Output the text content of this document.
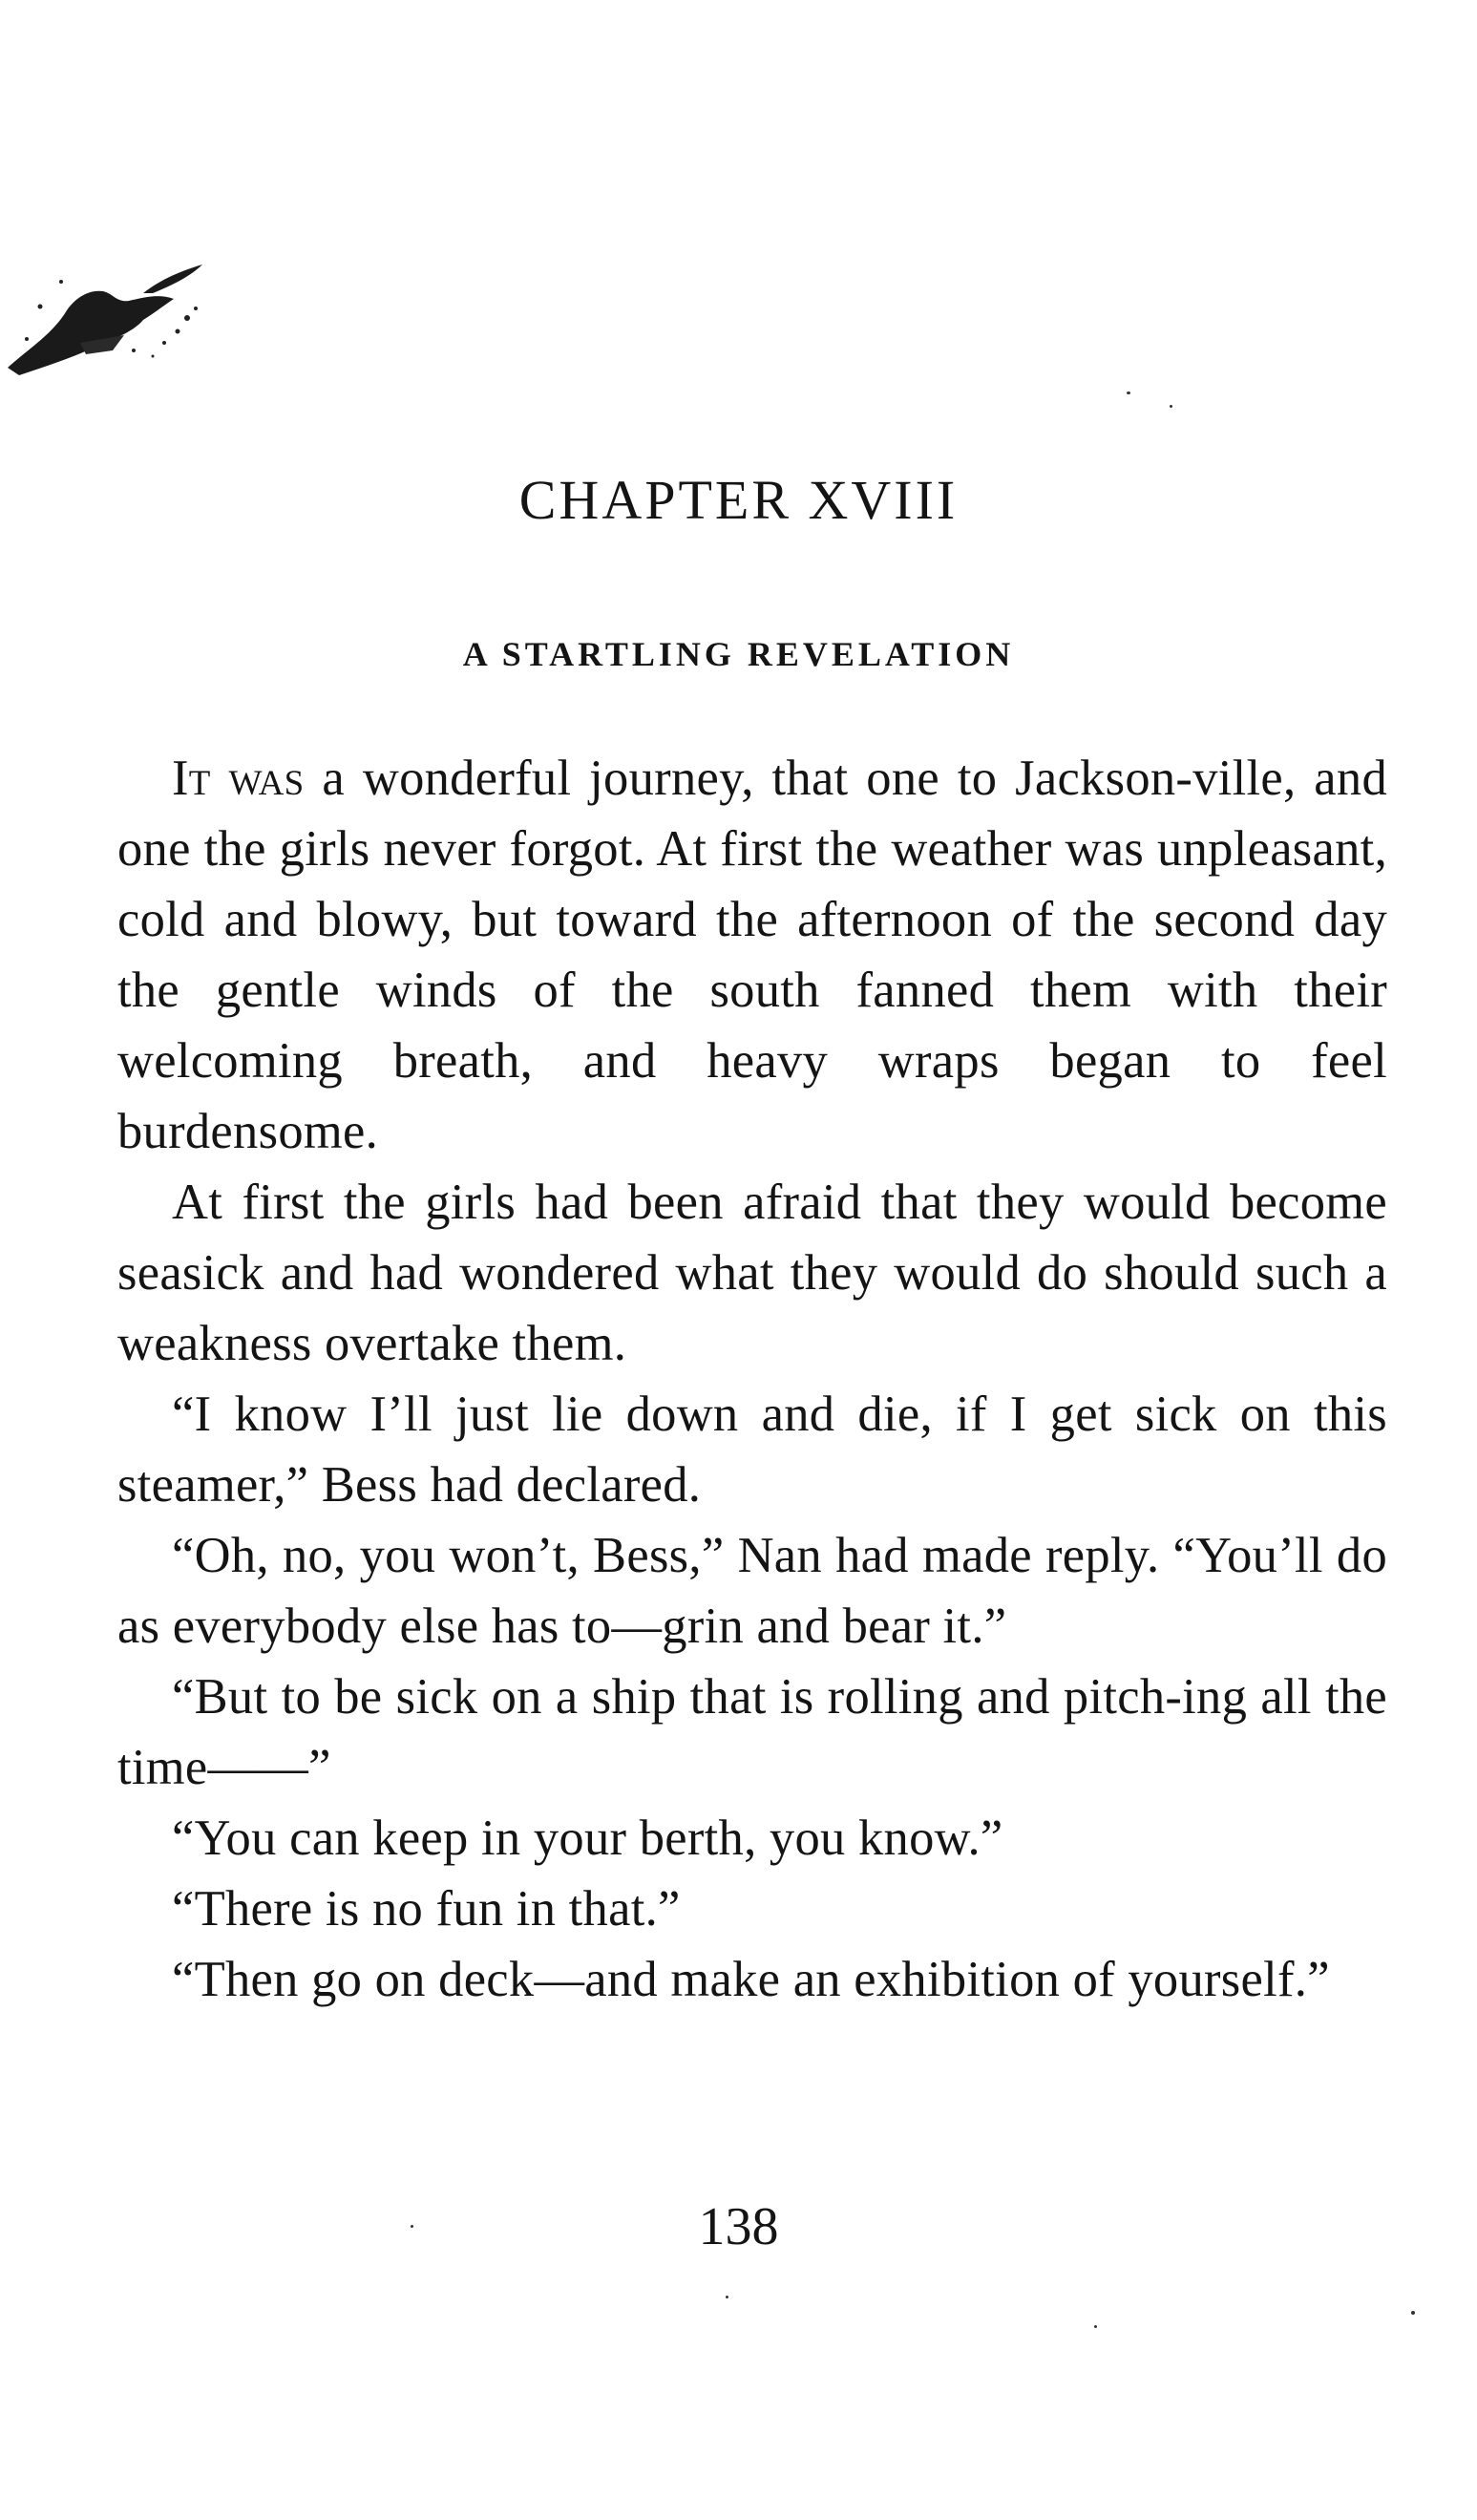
CHAPTER XVIII
A STARTLING REVELATION

It was a wonderful journey, that one to Jackson-ville, and one the girls never forgot. At first the weather was unpleasant, cold and blowy, but toward the afternoon of the second day the gentle winds of the south fanned them with their welcoming breath, and heavy wraps began to feel burdensome.

At first the girls had been afraid that they would become seasick and had wondered what they would do should such a weakness overtake them.

“I know I’ll just lie down and die, if I get sick on this steamer,” Bess had declared.

“Oh, no, you won’t, Bess,” Nan had made reply. “You’ll do as everybody else has to—grin and bear it.”

“But to be sick on a ship that is rolling and pitch-ing all the time——”

“You can keep in your berth, you know.”

“There is no fun in that.”

“Then go on deck—and make an exhibition of yourself.”

138
